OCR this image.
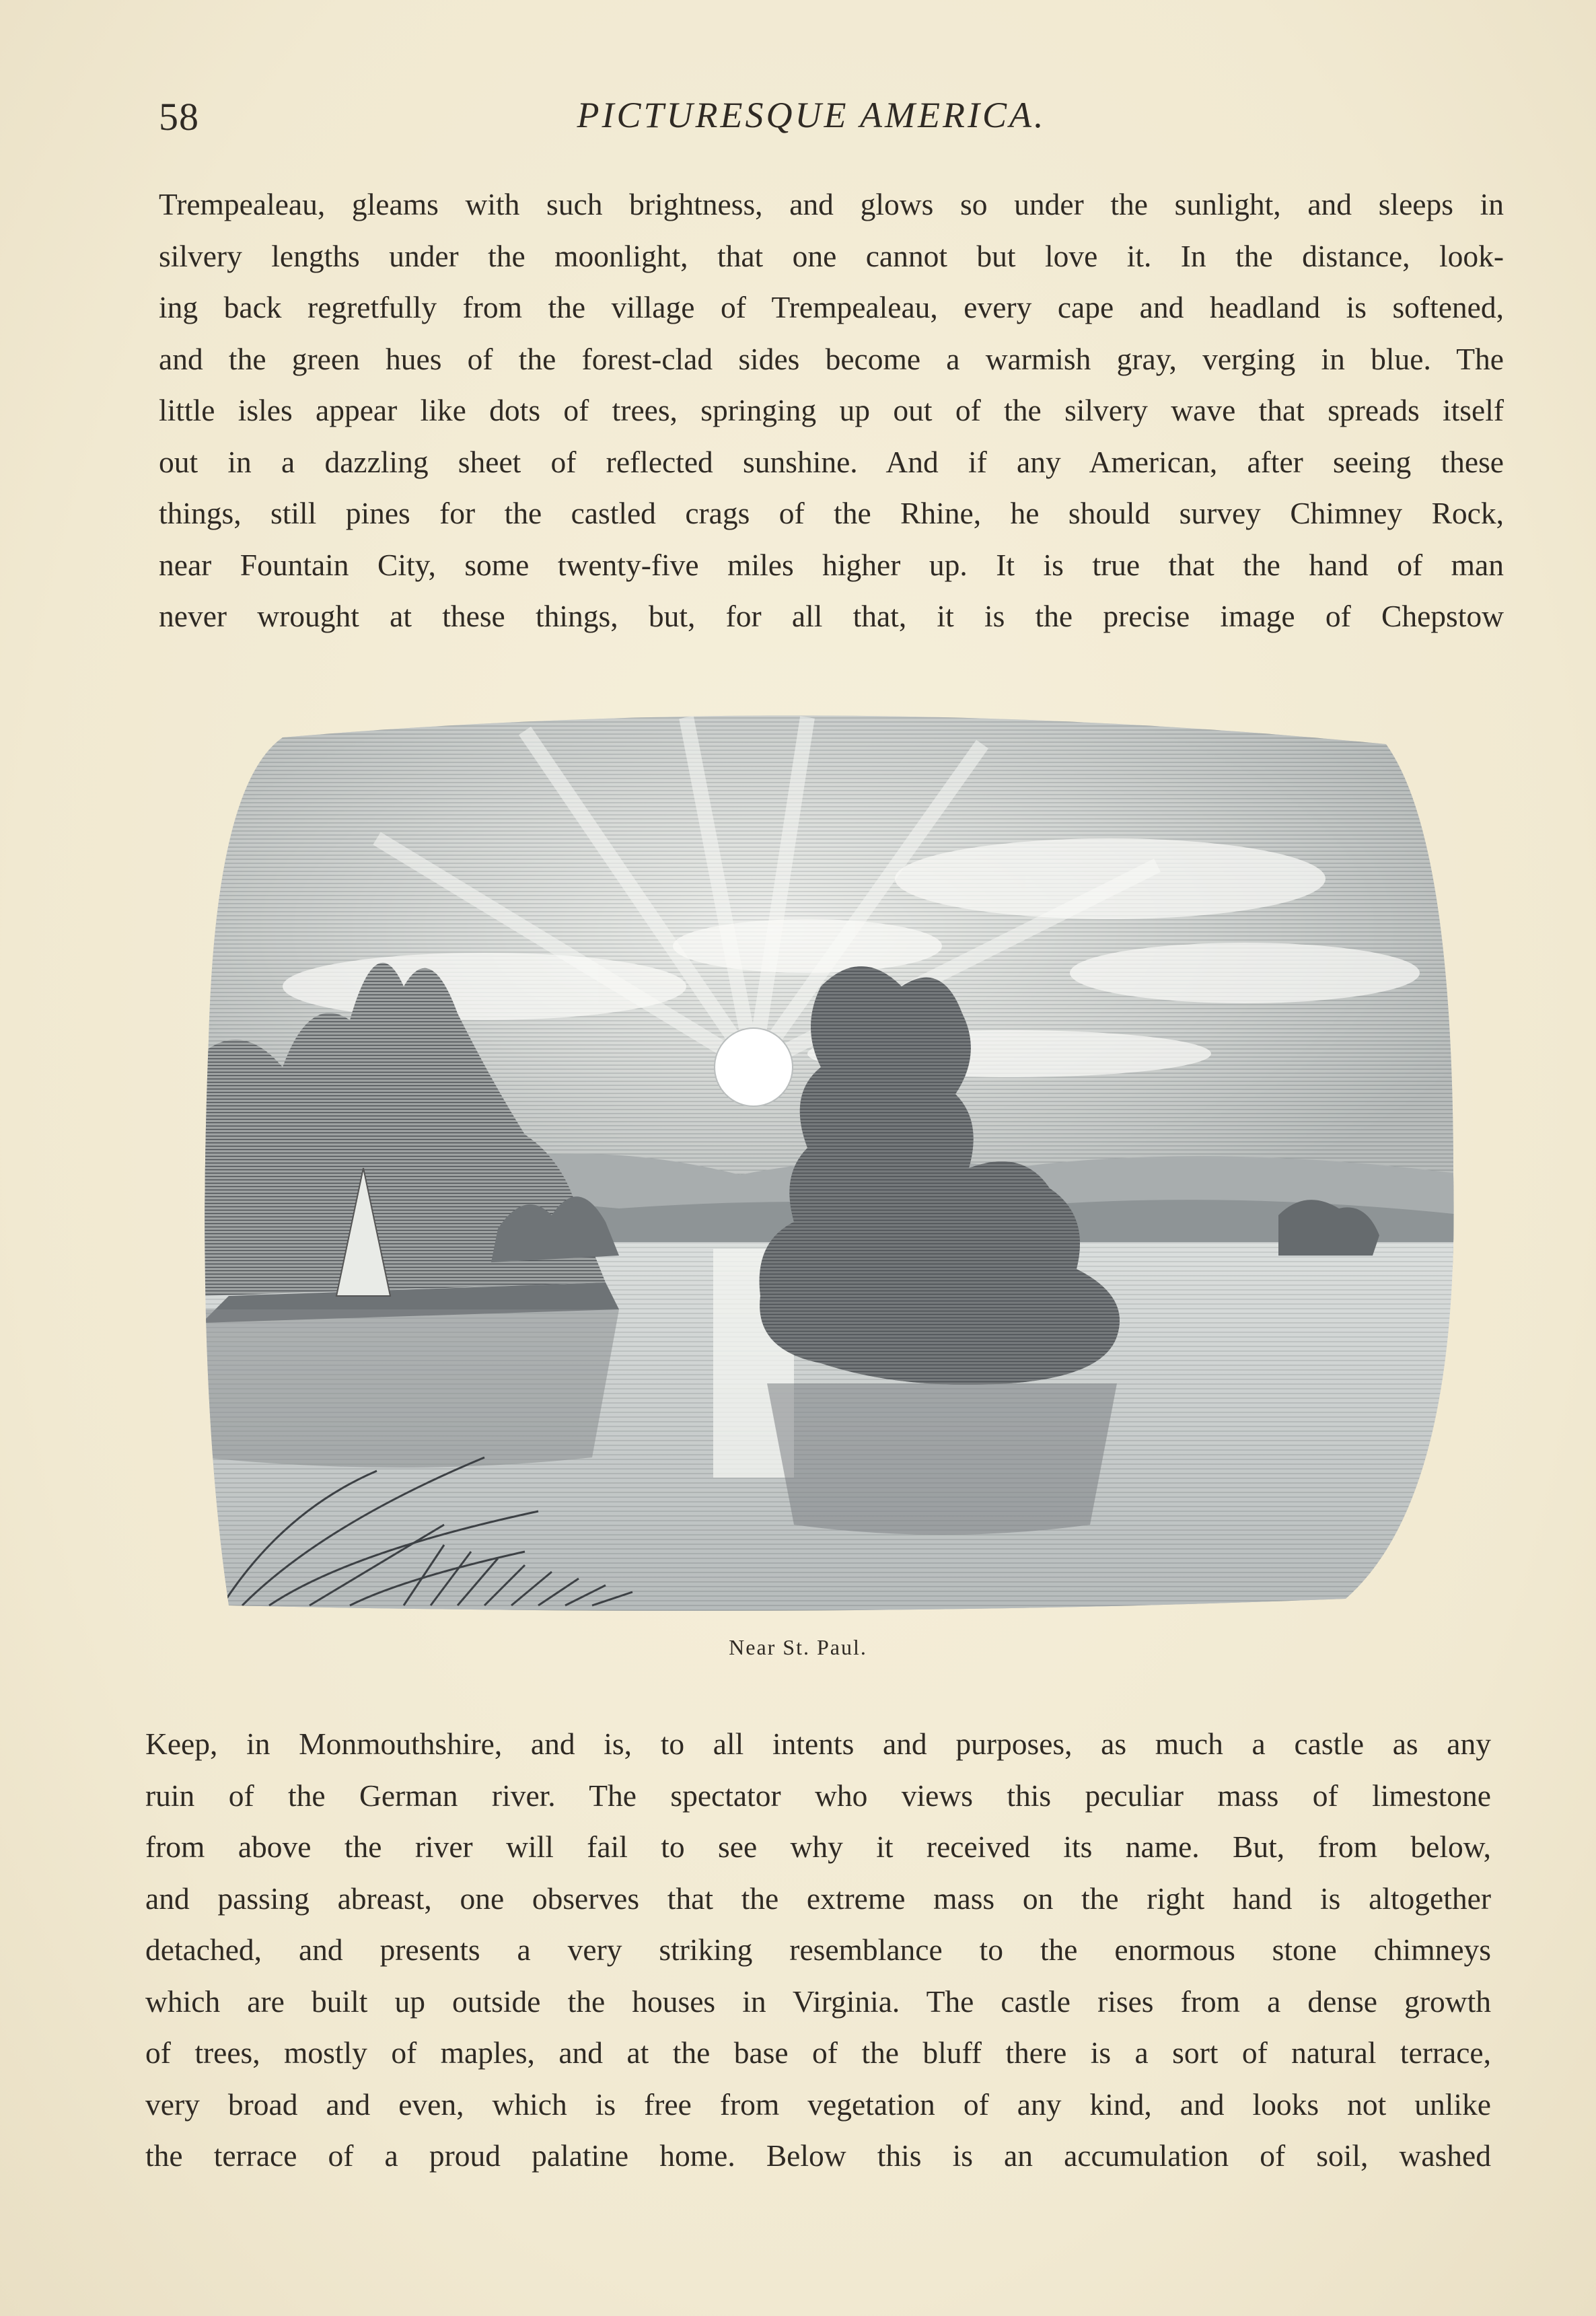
58	PICTURESQUE AMERICA.
Trempealeau, gleams with such brightness, and glows so under the sunlight, and sleeps in
silvery lengths under the moonlight, that one cannot but love it. In the distance, look-
ing back regretfully from the village of Trempealeau, every cape and headland is softened,
and the green hues of the forest-clad sides become a warmish gray, verging in blue. The
little isles appear like dots of trees, springing up out of the silvery wave that spreads itself
out in a dazzling sheet of reflected sunshine. And if any American, after seeing these
things, still pines for the castled crags of the Rhine, he should survey Chimney Rock,
near Fountain City, some twenty-five miles higher up. It is true that the hand of man
never wrought at these things, but, for all that, it is the precise image of Chepstow
Near St. Paul.
Keep, in Monmouthshire, and is, to all intents and purposes, as much a castle as any
ruin of the German river. The spectator who views this peculiar mass of limestone
from above the river will fail to see why it received its name. But, from below,
and passing abreast, one observes that the extreme mass on the right hand is altogether
detached, and presents a very striking resemblance to the enormous stone chimneys
which are built up outside the houses in Virginia. The castle rises from a dense growth
of trees, mostly of maples, and at the base of the bluff there is a sort of natural terrace,
very broad and even, which is free from vegetation of any kind, and looks not unlike
the terrace of a proud palatine home. Below this is an accumulation of soil, washed
